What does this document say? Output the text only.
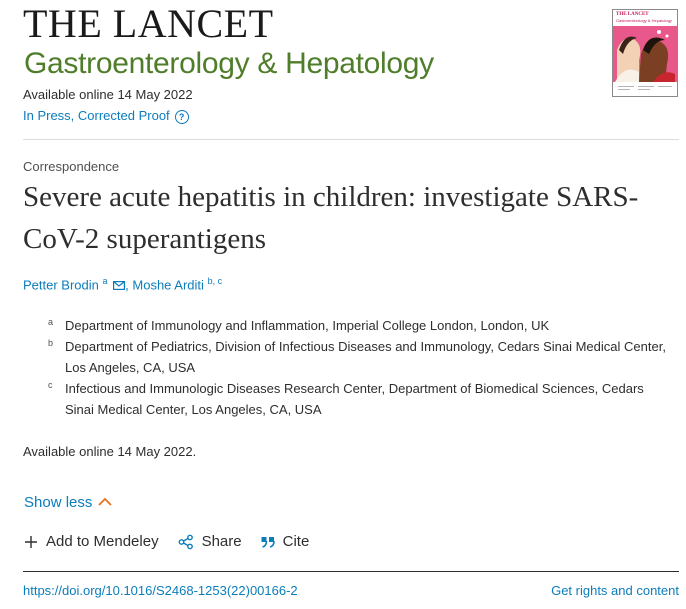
THE LANCET
Gastroenterology & Hepatology
Available online 14 May 2022
In Press, Corrected Proof ?
THE LANCET
Gastroenterology & Hepatology
Correspondence
Severe acute hepatitis in children: investigate SARS-CoV-2 superantigens
Petter Brodin $^a$ , Moshe Arditi $^{b, c}$
a Department of Immunology and Inflammation, Imperial College London, London, UK
b Department of Pediatrics, Division of Infectious Diseases and Immunology, Cedars Sinai Medical Center, Los Angeles, CA, USA
c Infectious and Immunologic Diseases Research Center, Department of Biomedical Sciences, Cedars Sinai Medical Center, Los Angeles, CA, USA
Available online 14 May 2022.
Show less
Add to Mendeley	Share	Cite
https://doi.org/10.1016/S2468-1253(22)00166-2	Get rights and content
